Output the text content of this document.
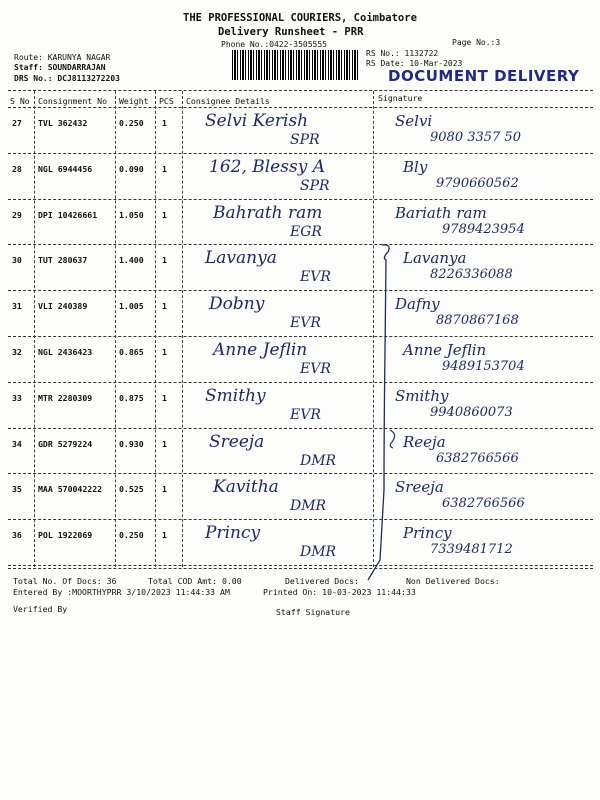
THE PROFESSIONAL COURIERS, Coimbatore
Delivery Runsheet - PRR
Phone No.:0422-3505555	Page No.:3
Route: KARUNYA NAGAR
Staff: SOUNDARRAJAN
DRS No.: DCJ8113272203
RS No.: 1132722
RS Date: 10-Mar-2023
DOCUMENT DELIVERY
S No Consignment No Weight PCS Consignee Details	Signature
27 TVL 362432	0.250 1 Selvi Kerish
SPR
Selvi
9080 3357 50
28 NGL 6944456	0.090 1 162, Blessy A
SPR
Bly
9790660562
29 DPI 10426661	1.050 1	Bahrath ram
EGR
Bariath ram
9789423954
30 TUT 280637	1.400 1 Lavanya
EVR
Lavanya
8226336088
31 VLI 240389	1.005 1 Dobny
EVR
Dafny
8870867168
32 NGL 2436423	0.865 1	Anne Jeflin
EVR
Anne Jeflin
9489153704
33 MTR 2280309	0.875 1 Smithy
EVR
Smithy
9940860073
34 GDR 5279224	0.930 1 Sreeja
DMR
Reeja
6382766566
35 MAA 570042222 0.525 1	Kavitha
DMR
Sreeja
6382766566
36 POL 1922069	0.250 1 Princy
DMR
Princy
7339481712
Total No. Of Docs: 36	Total COD Amt: 0.00	Delivered Docs:	Non Delivered Docs:
Entered By :MOORTHYPRR 3/10/2023 11:44:33 AM	Printed On: 10-03-2023 11:44:33
Verified By	Staff Signature
